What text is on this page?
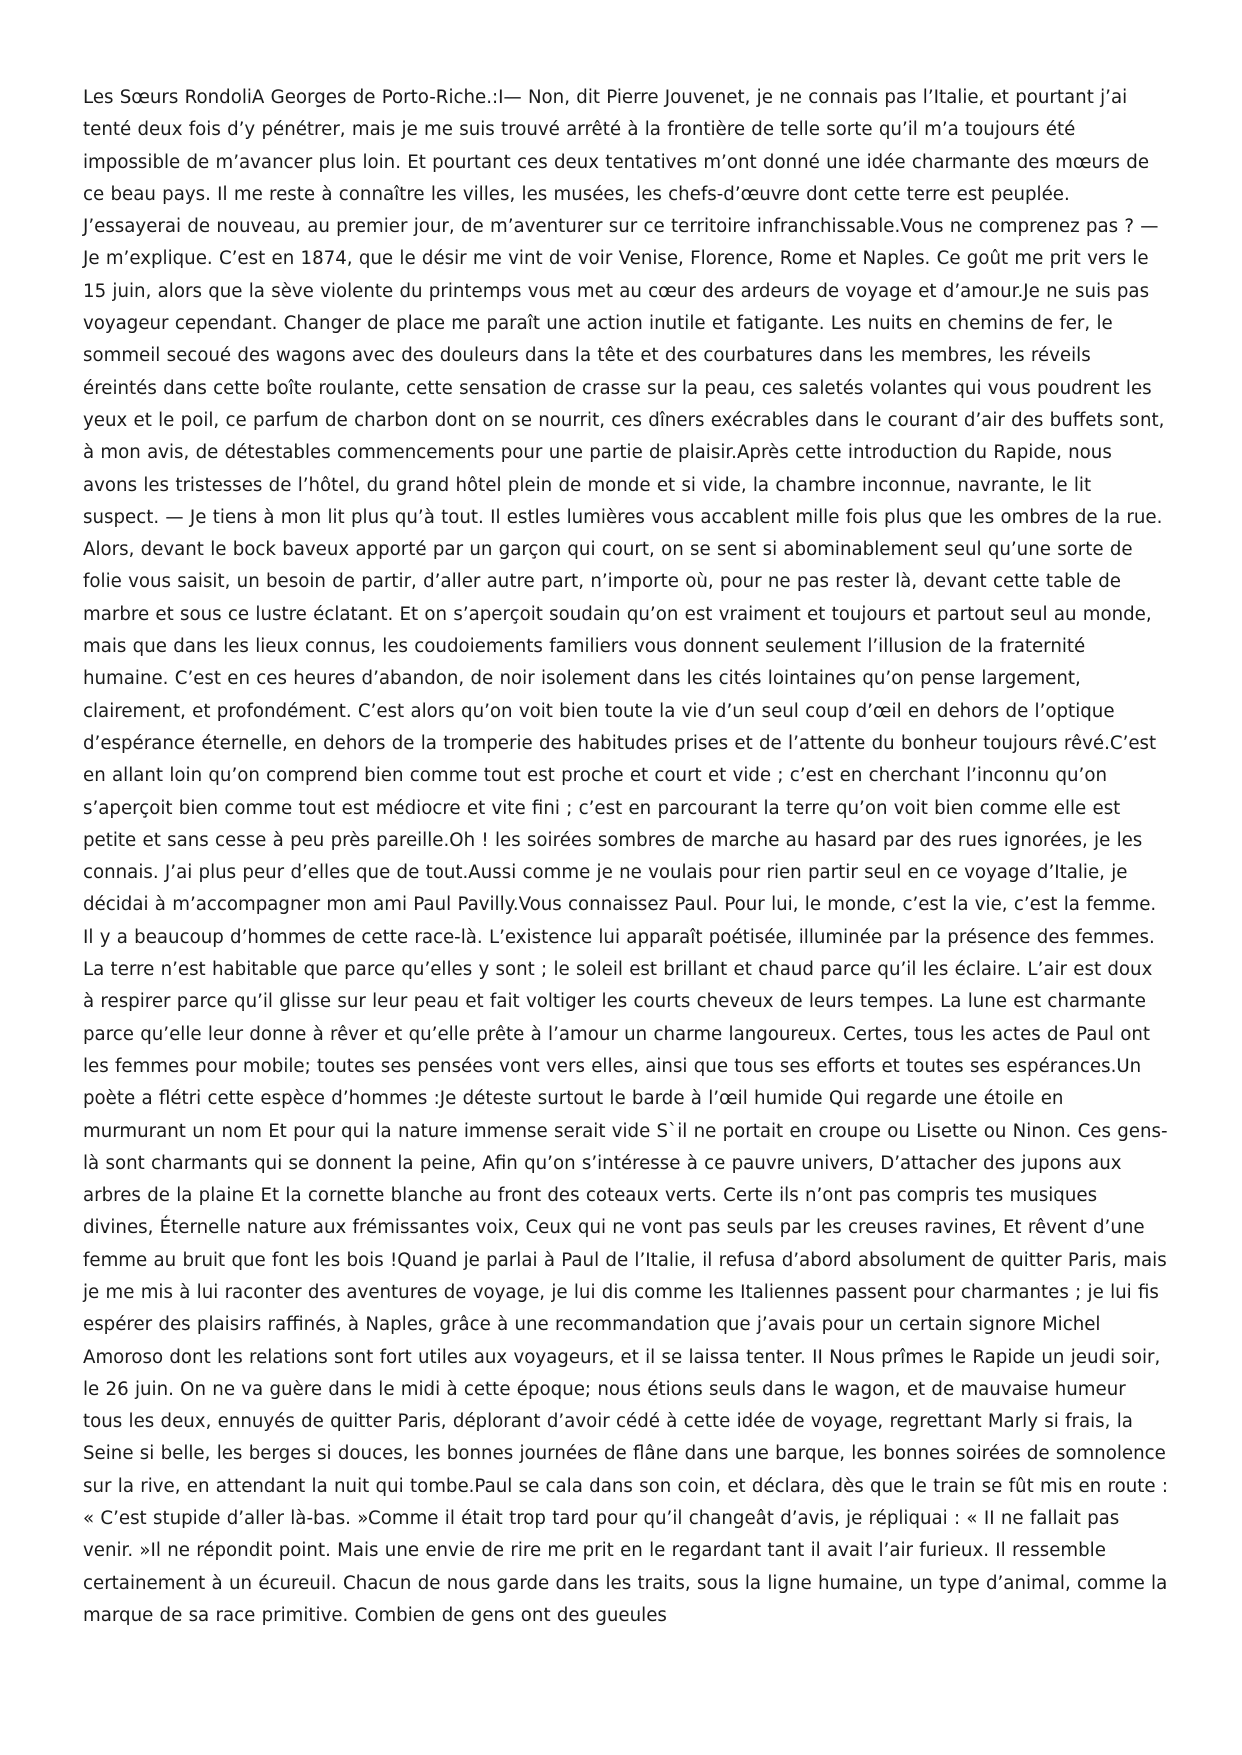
Les Sœurs RondoliA Georges de Porto-Riche.:I— Non, dit Pierre Jouvenet, je ne connais pas l’Italie, et pourtant j’ai tenté deux fois d’y pénétrer, mais je me suis trouvé arrêté à la frontière de telle sorte qu’il m’a toujours été impossible de m’avancer plus loin. Et pourtant ces deux tentatives m’ont donné une idée charmante des mœurs de ce beau pays. Il me reste à connaître les villes, les musées, les chefs-d’œuvre dont cette terre est peuplée. J’essayerai de nouveau, au premier jour, de m’aventurer sur ce territoire infranchissable.Vous ne comprenez pas ? — Je m’explique. C’est en 1874, que le désir me vint de voir Venise, Florence, Rome et Naples. Ce goût me prit vers le 15 juin, alors que la sève violente du printemps vous met au cœur des ardeurs de voyage et d’amour.Je ne suis pas voyageur cependant. Changer de place me paraît une action inutile et fatigante. Les nuits en chemins de fer, le sommeil secoué des wagons avec des douleurs dans la tête et des courbatures dans les membres, les réveils éreintés dans cette boîte roulante, cette sensation de crasse sur la peau, ces saletés volantes qui vous poudrent les yeux et le poil, ce parfum de charbon dont on se nourrit, ces dîners exécrables dans le courant d’air des buffets sont, à mon avis, de détestables commencements pour une partie de plaisir.Après cette introduction du Rapide, nous avons les tristesses de l’hôtel, du grand hôtel plein de monde et si vide, la chambre inconnue, navrante, le lit suspect. — Je tiens à mon lit plus qu’à tout. Il estles lumières vous accablent mille fois plus que les ombres de la rue. Alors, devant le bock baveux apporté par un garçon qui court, on se sent si abominablement seul qu’une sorte de folie vous saisit, un besoin de partir, d’aller autre part, n’importe où, pour ne pas rester là, devant cette table de marbre et sous ce lustre éclatant. Et on s’aperçoit soudain qu’on est vraiment et toujours et partout seul au monde, mais que dans les lieux connus, les coudoiements familiers vous donnent seulement l’illusion de la fraternité humaine. C’est en ces heures d’abandon, de noir isolement dans les cités lointaines qu’on pense largement, clairement, et profondément. C’est alors qu’on voit bien toute la vie d’un seul coup d’œil en dehors de l’optique d’espérance éternelle, en dehors de la tromperie des habitudes prises et de l’attente du bonheur toujours rêvé.C’est en allant loin qu’on comprend bien comme tout est proche et court et vide ; c’est en cherchant l’inconnu qu’on s’aperçoit bien comme tout est médiocre et vite fini ; c’est en parcourant la terre qu’on voit bien comme elle est petite et sans cesse à peu près pareille.Oh ! les soirées sombres de marche au hasard par des rues ignorées, je les connais. J’ai plus peur d’elles que de tout.Aussi comme je ne voulais pour rien partir seul en ce voyage d’Italie, je décidai à m’accompagner mon ami Paul Pavilly.Vous connaissez Paul. Pour lui, le monde, c’est la vie, c’est la femme. Il y a beaucoup d’hommes de cette race-là. L’existence lui apparaît poétisée, illuminée par la présence des femmes. La terre n’est habitable que parce qu’elles y sont ; le soleil est brillant et chaud parce qu’il les éclaire. L’air est doux à respirer parce qu’il glisse sur leur peau et fait voltiger les courts cheveux de leurs tempes. La lune est charmante parce qu’elle leur donne à rêver et qu’elle prête à l’amour un charme langoureux. Certes, tous les actes de Paul ont les femmes pour mobile; toutes ses pensées vont vers elles, ainsi que tous ses efforts et toutes ses espérances.Un poète a flétri cette espèce d’hommes :Je déteste surtout le barde à l’œil humide Qui regarde une étoile en murmurant un nom Et pour qui la nature immense serait vide S`il ne portait en croupe ou Lisette ou Ninon. Ces gens-là sont charmants qui se donnent la peine, Afin qu’on s’intéresse à ce pauvre univers, D’attacher des jupons aux arbres de la plaine Et la cornette blanche au front des coteaux verts. Certe ils n’ont pas compris tes musiques divines, Éternelle nature aux frémissantes voix, Ceux qui ne vont pas seuls par les creuses ravines, Et rêvent d’une femme au bruit que font les bois !Quand je parlai à Paul de l’Italie, il refusa d’abord absolument de quitter Paris, mais je me mis à lui raconter des aventures de voyage, je lui dis comme les Italiennes passent pour charmantes ; je lui fis espérer des plaisirs raffinés, à Naples, grâce à une recommandation que j’avais pour un certain signore Michel Amoroso dont les relations sont fort utiles aux voyageurs, et il se laissa tenter. II Nous prîmes le Rapide un jeudi soir, le 26 juin. On ne va guère dans le midi à cette époque; nous étions seuls dans le wagon, et de mauvaise humeur tous les deux, ennuyés de quitter Paris, déplorant d’avoir cédé à cette idée de voyage, regrettant Marly si frais, la Seine si belle, les berges si douces, les bonnes journées de flâne dans une barque, les bonnes soirées de somnolence sur la rive, en attendant la nuit qui tombe.Paul se cala dans son coin, et déclara, dès que le train se fût mis en route : « C’est stupide d’aller là-bas. »Comme il était trop tard pour qu’il changeât d’avis, je répliquai : « II ne fallait pas venir. »Il ne répondit point. Mais une envie de rire me prit en le regardant tant il avait l’air furieux. Il ressemble certainement à un écureuil. Chacun de nous garde dans les traits, sous la ligne humaine, un type d’animal, comme la marque de sa race primitive. Combien de gens ont des gueules
